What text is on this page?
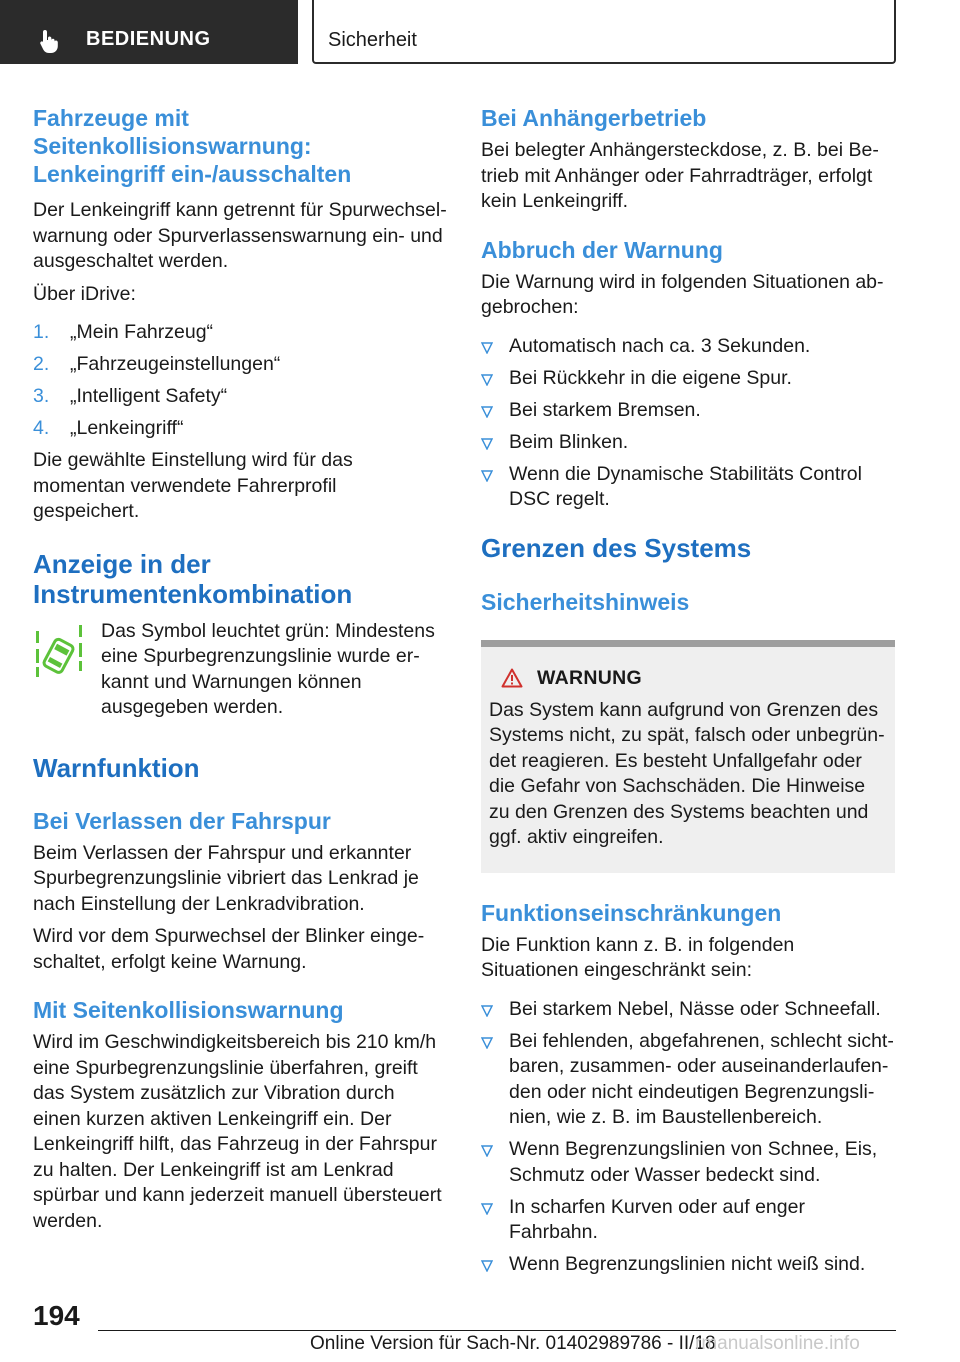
BEDIENUNG	Sicherheit
Fahrzeuge mit Seitenkollisionswarnung: Lenkeingriff ein-/ausschalten

Der Lenkeingriff kann getrennt für Spurwechselwarnung oder Spurverlassenswarnung ein- und ausgeschaltet werden.

Über iDrive:

1. „Mein Fahrzeug“
2. „Fahrzeugeinstellungen“
3. „Intelligent Safety“
4. „Lenkeingriff“

Die gewählte Einstellung wird für das momentan verwendete Fahrerprofil gespeichert.

Anzeige in der Instrumentenkombination

Das Symbol leuchtet grün: Mindestens eine Spurbegrenzungslinie wurde erkannt und Warnungen können ausgegeben werden.

Warnfunktion
Bei Verlassen der Fahrspur

Beim Verlassen der Fahrspur und erkannter Spurbegrenzungslinie vibriert das Lenkrad je nach Einstellung der Lenkradvibration.

Wird vor dem Spurwechsel der Blinker eingeschaltet, erfolgt keine Warnung.

Mit Seitenkollisionswarnung

Wird im Geschwindigkeitsbereich bis 210 km/h eine Spurbegrenzungslinie überfahren, greift das System zusätzlich zur Vibration durch einen kurzen aktiven Lenkeingriff ein. Der Lenkeingriff hilft, das Fahrzeug in der Fahrspur zu halten. Der Lenkeingriff ist am Lenkrad spürbar und kann jederzeit manuell übersteuert werden.

Bei Anhängerbetrieb

Bei belegter Anhängersteckdose, z. B. bei Betrieb mit Anhänger oder Fahrradträger, erfolgt kein Lenkeingriff.

Abbruch der Warnung

Die Warnung wird in folgenden Situationen abgebrochen:

Automatisch nach ca. 3 Sekunden.
Bei Rückkehr in die eigene Spur.
Bei starkem Bremsen.
Beim Blinken.
Wenn die Dynamische Stabilitäts Control DSC regelt.
Grenzen des Systems
Sicherheitshinweis
WARNUNG

Das System kann aufgrund von Grenzen des Systems nicht, zu spät, falsch oder unbegründet reagieren. Es besteht Unfallgefahr oder die Gefahr von Sachschäden. Die Hinweise zu den Grenzen des Systems beachten und ggf. aktiv eingreifen.

Funktionseinschränkungen

Die Funktion kann z. B. in folgenden Situationen eingeschränkt sein:

Bei starkem Nebel, Nässe oder Schneefall.
Bei fehlenden, abgefahrenen, schlecht sichtbaren, zusammen- oder auseinanderlaufenden oder nicht eindeutigen Begrenzungslinien, wie z. B. im Baustellenbereich.
Wenn Begrenzungslinien von Schnee, Eis, Schmutz oder Wasser bedeckt sind.
In scharfen Kurven oder auf enger Fahrbahn.
Wenn Begrenzungslinien nicht weiß sind.
194
Online Version für Sach-Nr. 01402989786 - II/18
rmanualsonline.info
